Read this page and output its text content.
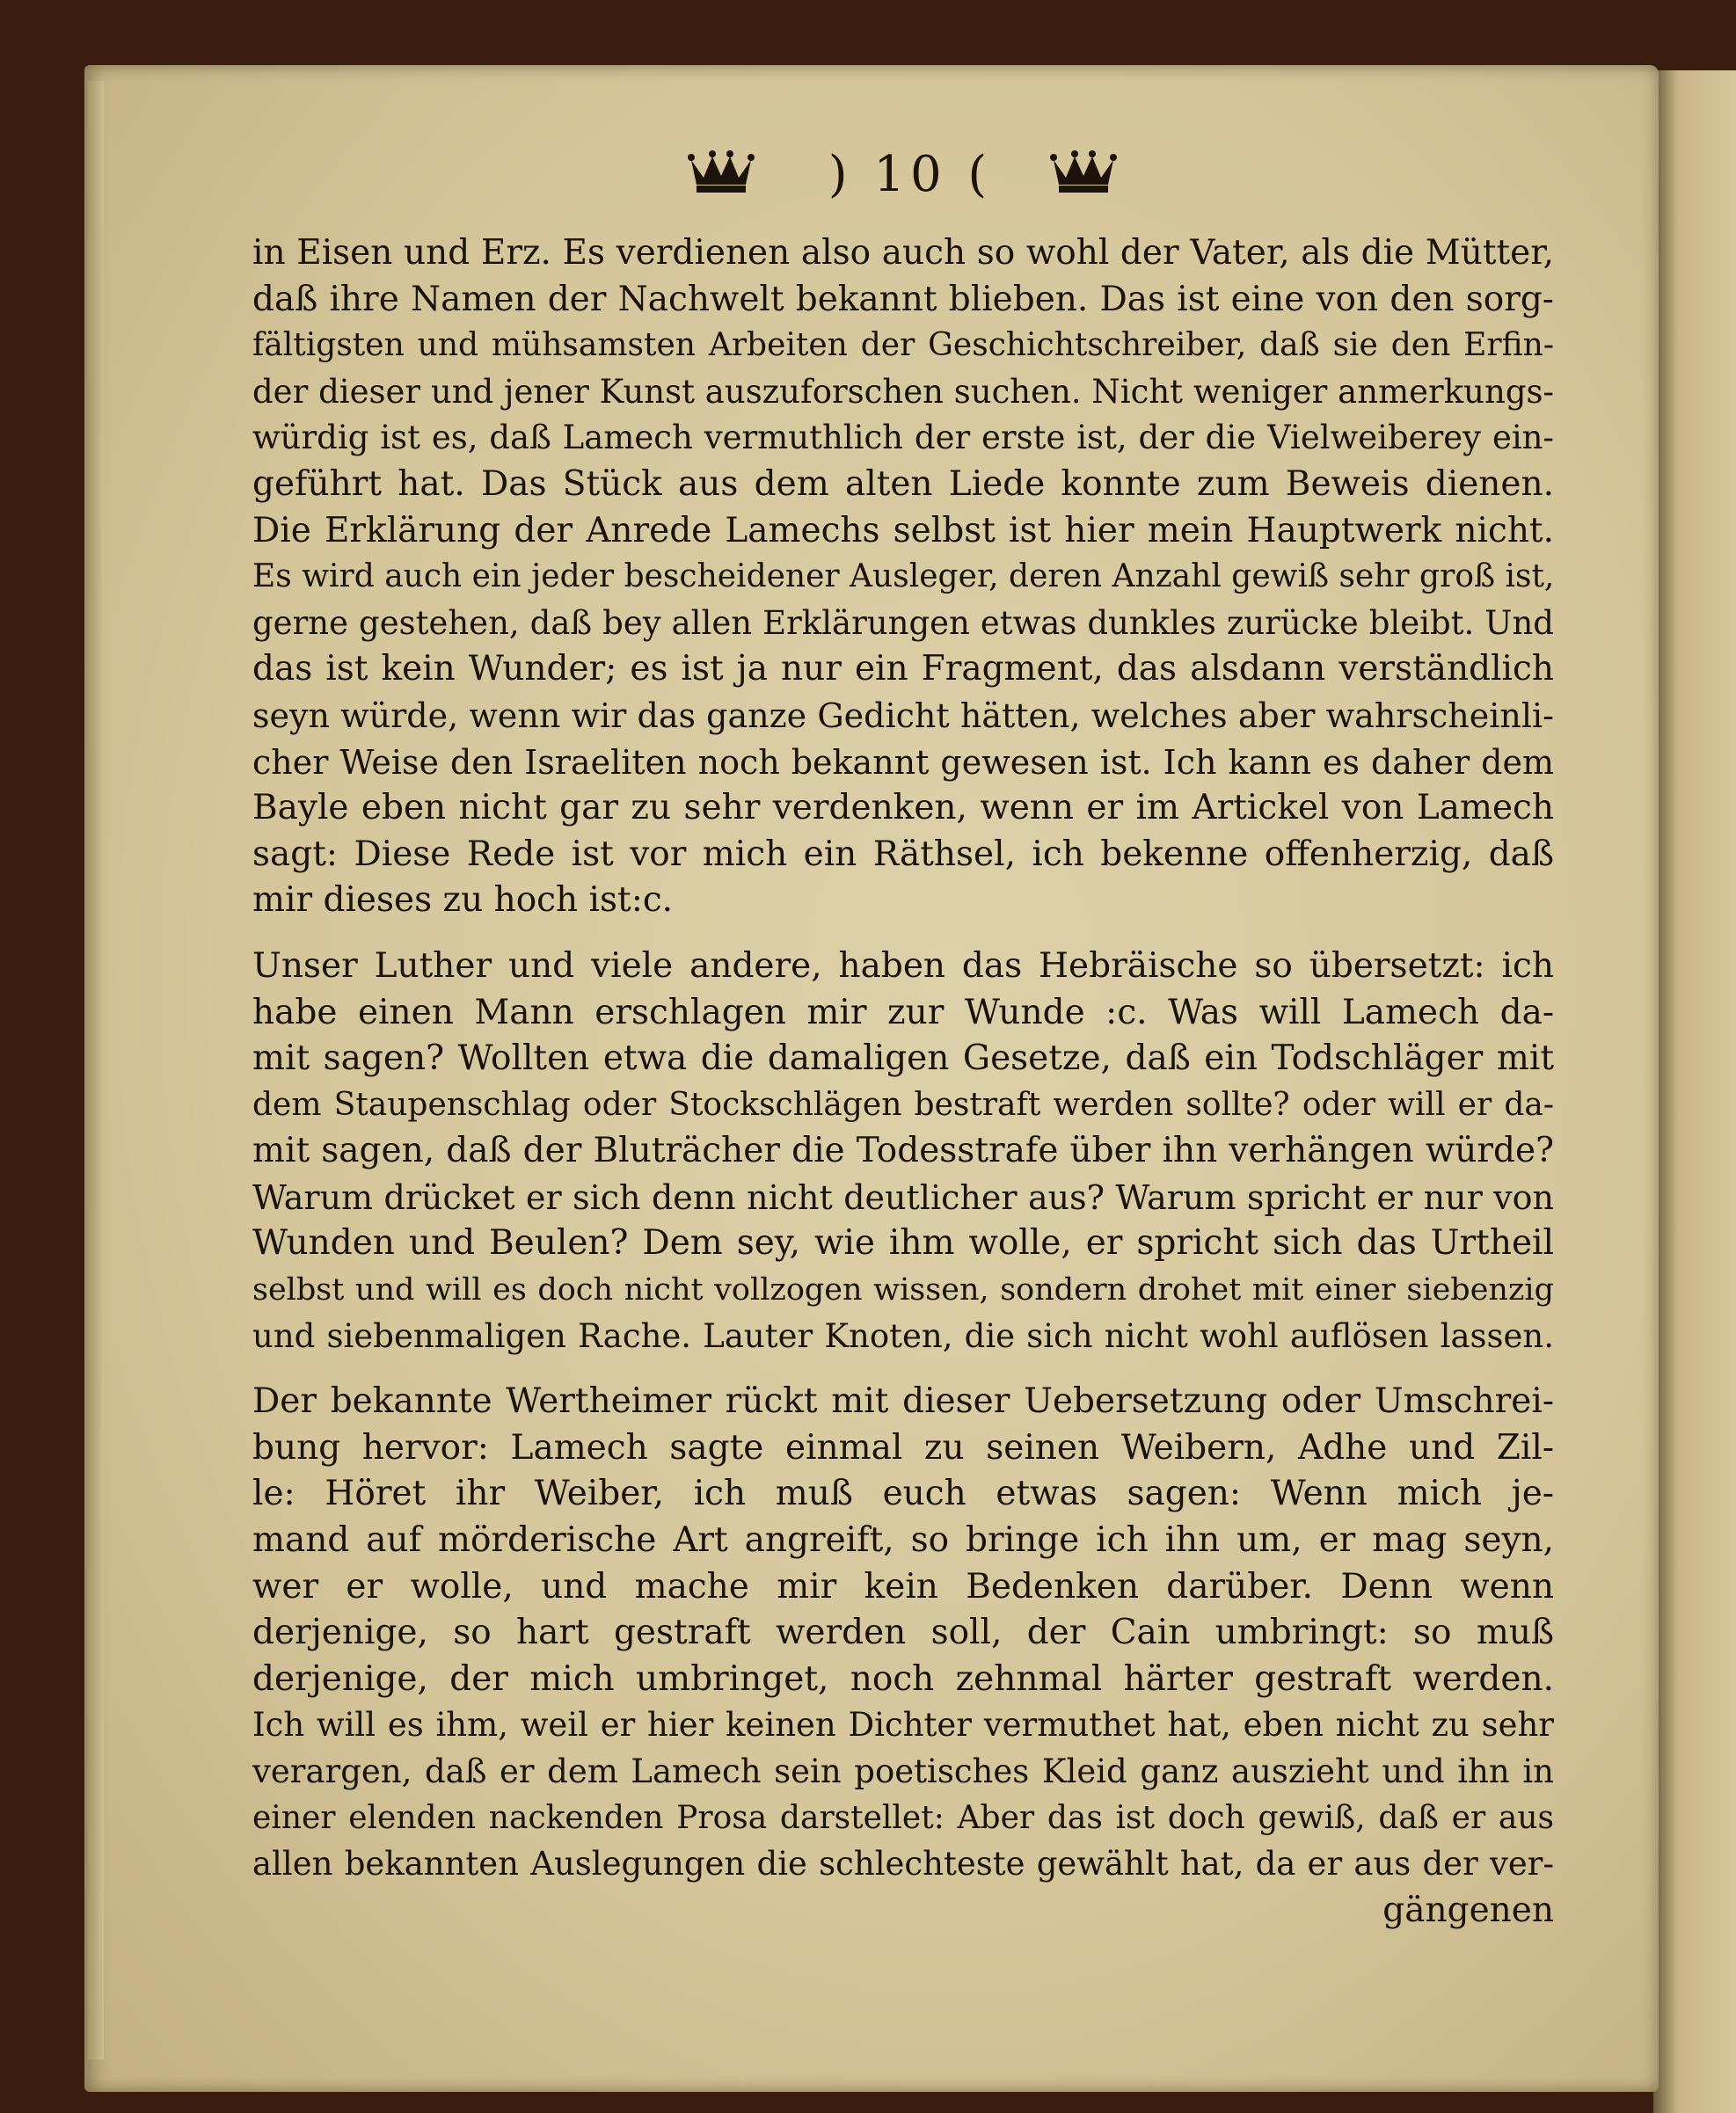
) 10 (
in Eisen und Erz. Es verdienen also auch so wohl der Vater, als die Mütter,
daß ihre Namen der Nachwelt bekannt blieben. Das ist eine von den sorg-
fältigsten und mühsamsten Arbeiten der Geschichtschreiber, daß sie den Erfin-
der dieser und jener Kunst auszuforschen suchen. Nicht weniger anmerkungs-
würdig ist es, daß Lamech vermuthlich der erste ist, der die Vielweiberey ein-
geführt hat. Das Stück aus dem alten Liede konnte zum Beweis dienen.
Die Erklärung der Anrede Lamechs selbst ist hier mein Hauptwerk nicht.
Es wird auch ein jeder bescheidener Ausleger, deren Anzahl gewiß sehr groß ist,
gerne gestehen, daß bey allen Erklärungen etwas dunkles zurücke bleibt. Und
das ist kein Wunder; es ist ja nur ein Fragment, das alsdann verständlich
seyn würde, wenn wir das ganze Gedicht hätten, welches aber wahrscheinli-
cher Weise den Israeliten noch bekannt gewesen ist. Ich kann es daher dem
Bayle eben nicht gar zu sehr verdenken, wenn er im Artickel von Lamech
sagt: Diese Rede ist vor mich ein Räthsel, ich bekenne offenherzig, daß
mir dieses zu hoch ist:c.
Unser Luther und viele andere, haben das Hebräische so übersetzt: ich
habe einen Mann erschlagen mir zur Wunde :c. Was will Lamech da-
mit sagen? Wollten etwa die damaligen Gesetze, daß ein Todschläger mit
dem Staupenschlag oder Stockschlägen bestraft werden sollte? oder will er da-
mit sagen, daß der Bluträcher die Todesstrafe über ihn verhängen würde?
Warum drücket er sich denn nicht deutlicher aus? Warum spricht er nur von
Wunden und Beulen? Dem sey, wie ihm wolle, er spricht sich das Urtheil
selbst und will es doch nicht vollzogen wissen, sondern drohet mit einer siebenzig
und siebenmaligen Rache. Lauter Knoten, die sich nicht wohl auflösen lassen.
Der bekannte Wertheimer rückt mit dieser Uebersetzung oder Umschrei-
bung hervor: Lamech sagte einmal zu seinen Weibern, Adhe und Zil-
le: Höret ihr Weiber, ich muß euch etwas sagen: Wenn mich je-
mand auf mörderische Art angreift, so bringe ich ihn um, er mag seyn,
wer er wolle, und mache mir kein Bedenken darüber. Denn wenn
derjenige, so hart gestraft werden soll, der Cain umbringt: so muß
derjenige, der mich umbringet, noch zehnmal härter gestraft werden.
Ich will es ihm, weil er hier keinen Dichter vermuthet hat, eben nicht zu sehr
verargen, daß er dem Lamech sein poetisches Kleid ganz auszieht und ihn in
einer elenden nackenden Prosa darstellet: Aber das ist doch gewiß, daß er aus
allen bekannten Auslegungen die schlechteste gewählt hat, da er aus der ver-
gängenen
